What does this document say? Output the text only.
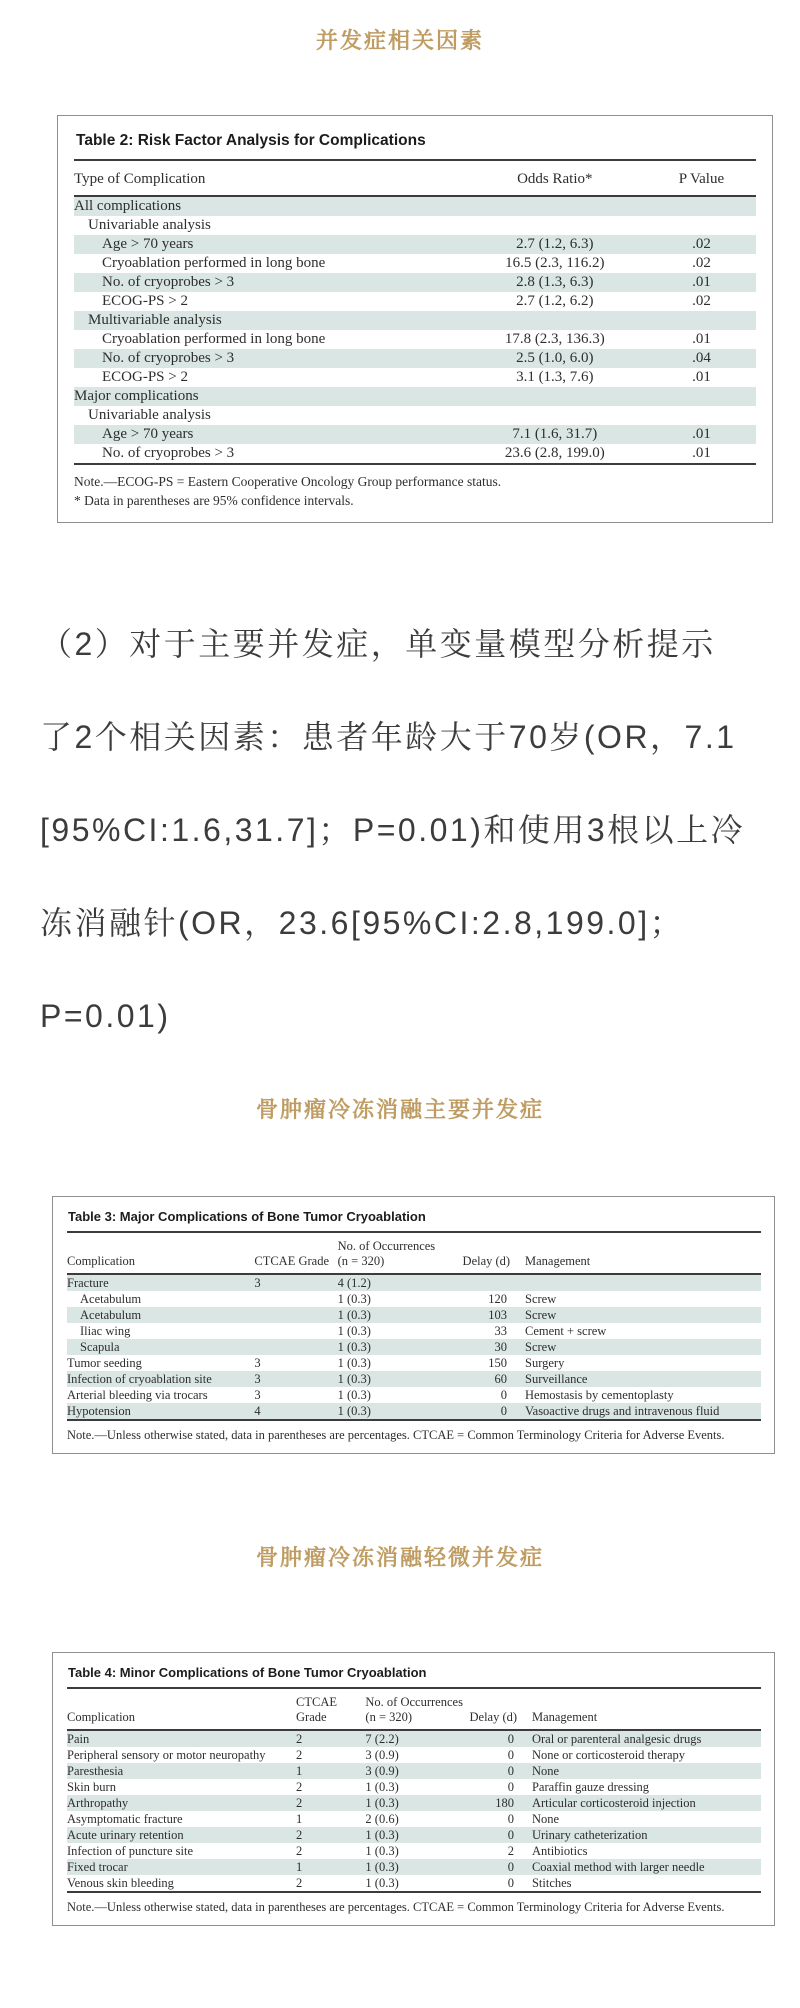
并发症相关因素
Table 2: Risk Factor Analysis for Complications
Type of Complication	Odds Ratio*	P Value
All complications		
Univariable analysis		
Age > 70 years	2.7 (1.2, 6.3)	.02
Cryoablation performed in long bone	16.5 (2.3, 116.2)	.02
No. of cryoprobes > 3	2.8 (1.3, 6.3)	.01
ECOG-PS > 2	2.7 (1.2, 6.2)	.02
Multivariable analysis		
Cryoablation performed in long bone	17.8 (2.3, 136.3)	.01
No. of cryoprobes > 3	2.5 (1.0, 6.0)	.04
ECOG-PS > 2	3.1 (1.3, 7.6)	.01
Major complications		
Univariable analysis		
Age > 70 years	7.1 (1.6, 31.7)	.01
No. of cryoprobes > 3	23.6 (2.8, 199.0)	.01
Note.—ECOG-PS = Eastern Cooperative Oncology Group performance status.
* Data in parentheses are 95% confidence intervals.
（2）对于主要并发症，单变量模型分析提示
了2个相关因素：患者年龄大于70岁(OR，7.1
[95%CI:1.6,31.7]；P=0.01)和使用3根以上冷
冻消融针(OR，23.6[95%CI:2.8,199.0]；
P=0.01)
骨肿瘤冷冻消融主要并发症
Table 3: Major Complications of Bone Tumor Cryoablation
Complication	CTCAE Grade	No. of Occurrences
(n = 320)	Delay (d)	Management
Fracture	3	4 (1.2)		
Acetabulum		1 (0.3)	120	Screw
Acetabulum		1 (0.3)	103	Screw
Iliac wing		1 (0.3)	33	Cement + screw
Scapula		1 (0.3)	30	Screw
Tumor seeding	3	1 (0.3)	150	Surgery
Infection of cryoablation site	3	1 (0.3)	60	Surveillance
Arterial bleeding via trocars	3	1 (0.3)	0	Hemostasis by cementoplasty
Hypotension	4	1 (0.3)	0	Vasoactive drugs and intravenous fluid
Note.—Unless otherwise stated, data in parentheses are percentages. CTCAE = Common Terminology Criteria for Adverse Events.
骨肿瘤冷冻消融轻微并发症
Table 4: Minor Complications of Bone Tumor Cryoablation
Complication	CTCAE Grade	No. of Occurrences
(n = 320)	Delay (d)	Management
Pain	2	7 (2.2)	0	Oral or parenteral analgesic drugs
Peripheral sensory or motor neuropathy	2	3 (0.9)	0	None or corticosteroid therapy
Paresthesia	1	3 (0.9)	0	None
Skin burn	2	1 (0.3)	0	Paraffin gauze dressing
Arthropathy	2	1 (0.3)	180	Articular corticosteroid injection
Asymptomatic fracture	1	2 (0.6)	0	None
Acute urinary retention	2	1 (0.3)	0	Urinary catheterization
Infection of puncture site	2	1 (0.3)	2	Antibiotics
Fixed trocar	1	1 (0.3)	0	Coaxial method with larger needle
Venous skin bleeding	2	1 (0.3)	0	Stitches
Note.—Unless otherwise stated, data in parentheses are percentages. CTCAE = Common Terminology Criteria for Adverse Events.
